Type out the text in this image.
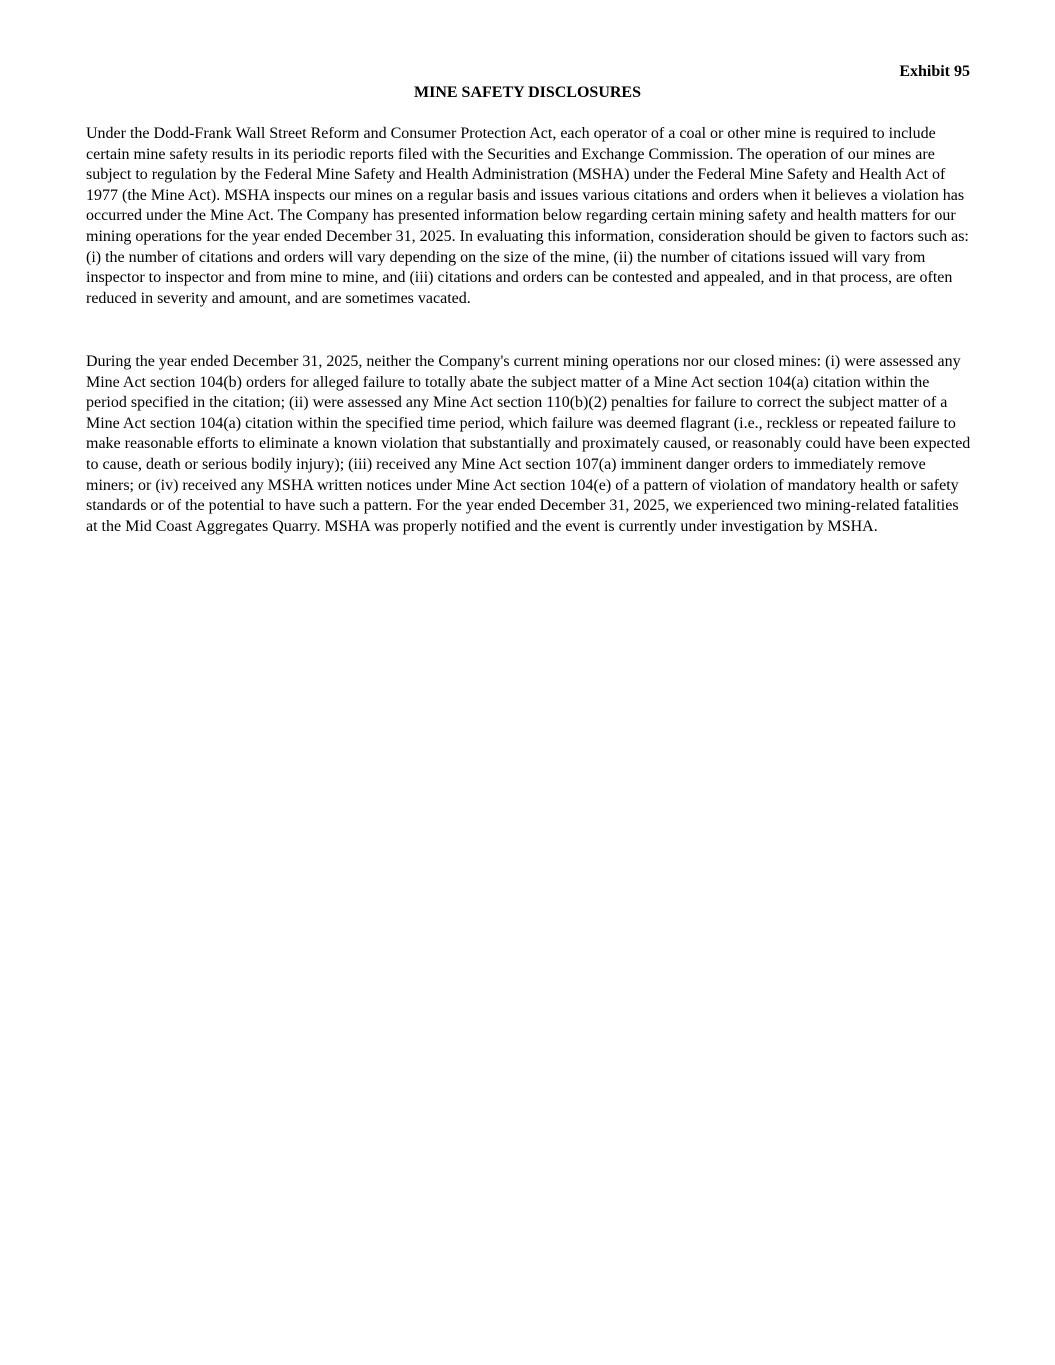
Exhibit 95
MINE SAFETY DISCLOSURES

Under the Dodd-Frank Wall Street Reform and Consumer Protection Act, each operator of a coal or other mine is required to include certain mine safety results in its periodic reports filed with the Securities and Exchange Commission. The operation of our mines are subject to regulation by the Federal Mine Safety and Health Administration (MSHA) under the Federal Mine Safety and Health Act of 1977 (the Mine Act). MSHA inspects our mines on a regular basis and issues various citations and orders when it believes a violation has occurred under the Mine Act. The Company has presented information below regarding certain mining safety and health matters for our mining operations for the year ended December 31, 2025. In evaluating this information, consideration should be given to factors such as: (i) the number of citations and orders will vary depending on the size of the mine, (ii) the number of citations issued will vary from inspector to inspector and from mine to mine, and (iii) citations and orders can be contested and appealed, and in that process, are often reduced in severity and amount, and are sometimes vacated.

During the year ended December 31, 2025, neither the Company's current mining operations nor our closed mines: (i) were assessed any Mine Act section 104(b) orders for alleged failure to totally abate the subject matter of a Mine Act section 104(a) citation within the period specified in the citation; (ii) were assessed any Mine Act section 110(b)(2) penalties for failure to correct the subject matter of a Mine Act section 104(a) citation within the specified time period, which failure was deemed flagrant (i.e., reckless or repeated failure to make reasonable efforts to eliminate a known violation that substantially and proximately caused, or reasonably could have been expected to cause, death or serious bodily injury); (iii) received any Mine Act section 107(a) imminent danger orders to immediately remove miners; or (iv) received any MSHA written notices under Mine Act section 104(e) of a pattern of violation of mandatory health or safety standards or of the potential to have such a pattern. For the year ended December 31, 2025, we experienced two mining-related fatalities at the Mid Coast Aggregates Quarry. MSHA was properly notified and the event is currently under investigation by MSHA.
